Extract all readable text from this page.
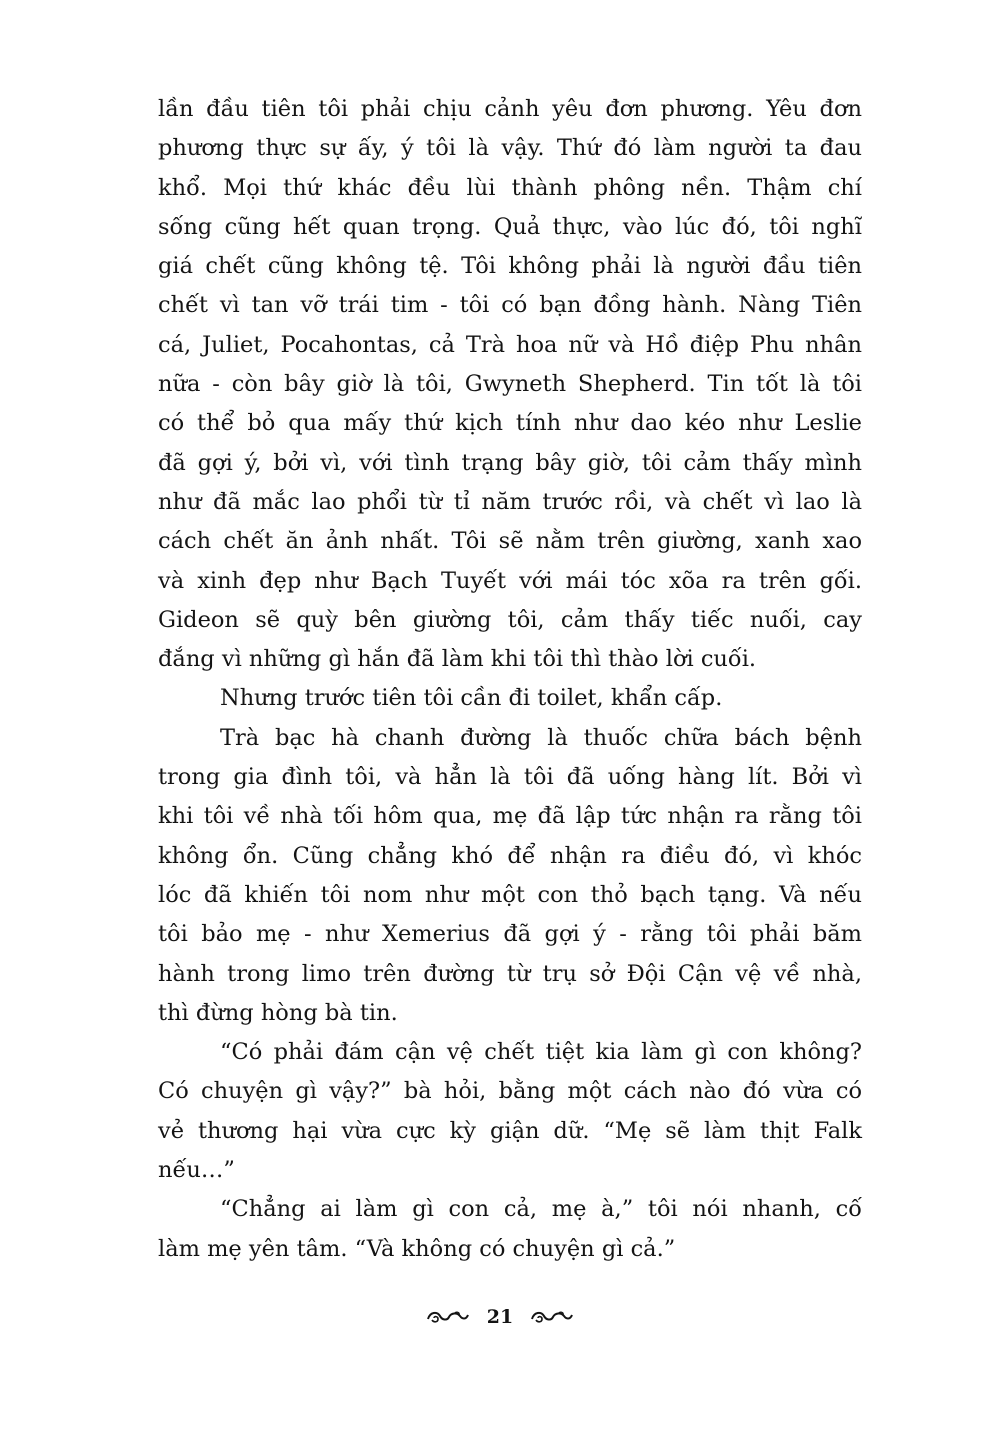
lần đầu tiên tôi phải chịu cảnh yêu đơn phương. Yêu đơn
phương thực sự ấy, ý tôi là vậy. Thứ đó làm người ta đau
khổ. Mọi thứ khác đều lùi thành phông nền. Thậm chí
sống cũng hết quan trọng. Quả thực, vào lúc đó, tôi nghĩ
giá chết cũng không tệ. Tôi không phải là người đầu tiên
chết vì tan vỡ trái tim - tôi có bạn đồng hành. Nàng Tiên
cá, Juliet, Pocahontas, cả Trà hoa nữ và Hồ điệp Phu nhân
nữa - còn bây giờ là tôi, Gwyneth Shepherd. Tin tốt là tôi
có thể bỏ qua mấy thứ kịch tính như dao kéo như Leslie
đã gợi ý, bởi vì, với tình trạng bây giờ, tôi cảm thấy mình
như đã mắc lao phổi từ tỉ năm trước rồi, và chết vì lao là
cách chết ăn ảnh nhất. Tôi sẽ nằm trên giường, xanh xao
và xinh đẹp như Bạch Tuyết với mái tóc xõa ra trên gối.
Gideon sẽ quỳ bên giường tôi, cảm thấy tiếc nuối, cay
đắng vì những gì hắn đã làm khi tôi thì thào lời cuối.
Nhưng trước tiên tôi cần đi toilet, khẩn cấp.
Trà bạc hà chanh đường là thuốc chữa bách bệnh
trong gia đình tôi, và hẳn là tôi đã uống hàng lít. Bởi vì
khi tôi về nhà tối hôm qua, mẹ đã lập tức nhận ra rằng tôi
không ổn. Cũng chẳng khó để nhận ra điều đó, vì khóc
lóc đã khiến tôi nom như một con thỏ bạch tạng. Và nếu
tôi bảo mẹ - như Xemerius đã gợi ý - rằng tôi phải băm
hành trong limo trên đường từ trụ sở Đội Cận vệ về nhà,
thì đừng hòng bà tin.
“Có phải đám cận vệ chết tiệt kia làm gì con không?
Có chuyện gì vậy?” bà hỏi, bằng một cách nào đó vừa có
vẻ thương hại vừa cực kỳ giận dữ. “Mẹ sẽ làm thịt Falk
nếu…”
“Chẳng ai làm gì con cả, mẹ à,” tôi nói nhanh, cố
làm mẹ yên tâm. “Và không có chuyện gì cả.”
21
